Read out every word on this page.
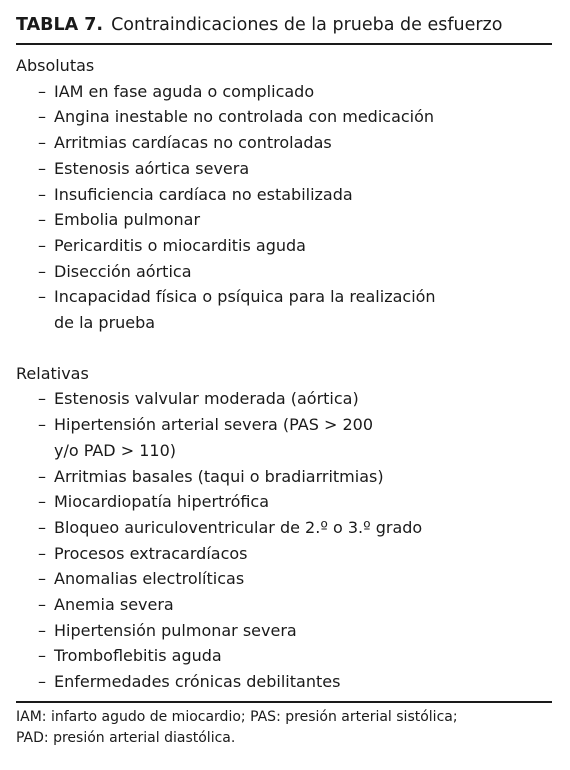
TABLA 7. Contraindicaciones de la prueba de esfuerzo
Absolutas
– IAM en fase aguda o complicado
– Angina inestable no controlada con medicación
– Arritmias cardíacas no controladas
– Estenosis aórtica severa
– Insuficiencia cardíaca no estabilizada
– Embolia pulmonar
– Pericarditis o miocarditis aguda
– Disección aórtica
– Incapacidad física o psíquica para la realización
de la prueba
Relativas
– Estenosis valvular moderada (aórtica)
– Hipertensión arterial severa (PAS > 200
y/o PAD > 110)
– Arritmias basales (taqui o bradiarritmias)
– Miocardiopatía hipertrófica
– Bloqueo auriculoventricular de 2.º o 3.º grado
– Procesos extracardíacos
– Anomalias electrolíticas
– Anemia severa
– Hipertensión pulmonar severa
– Tromboflebitis aguda
– Enfermedades crónicas debilitantes
IAM: infarto agudo de miocardio; PAS: presión arterial sistólica;
PAD: presión arterial diastólica.
